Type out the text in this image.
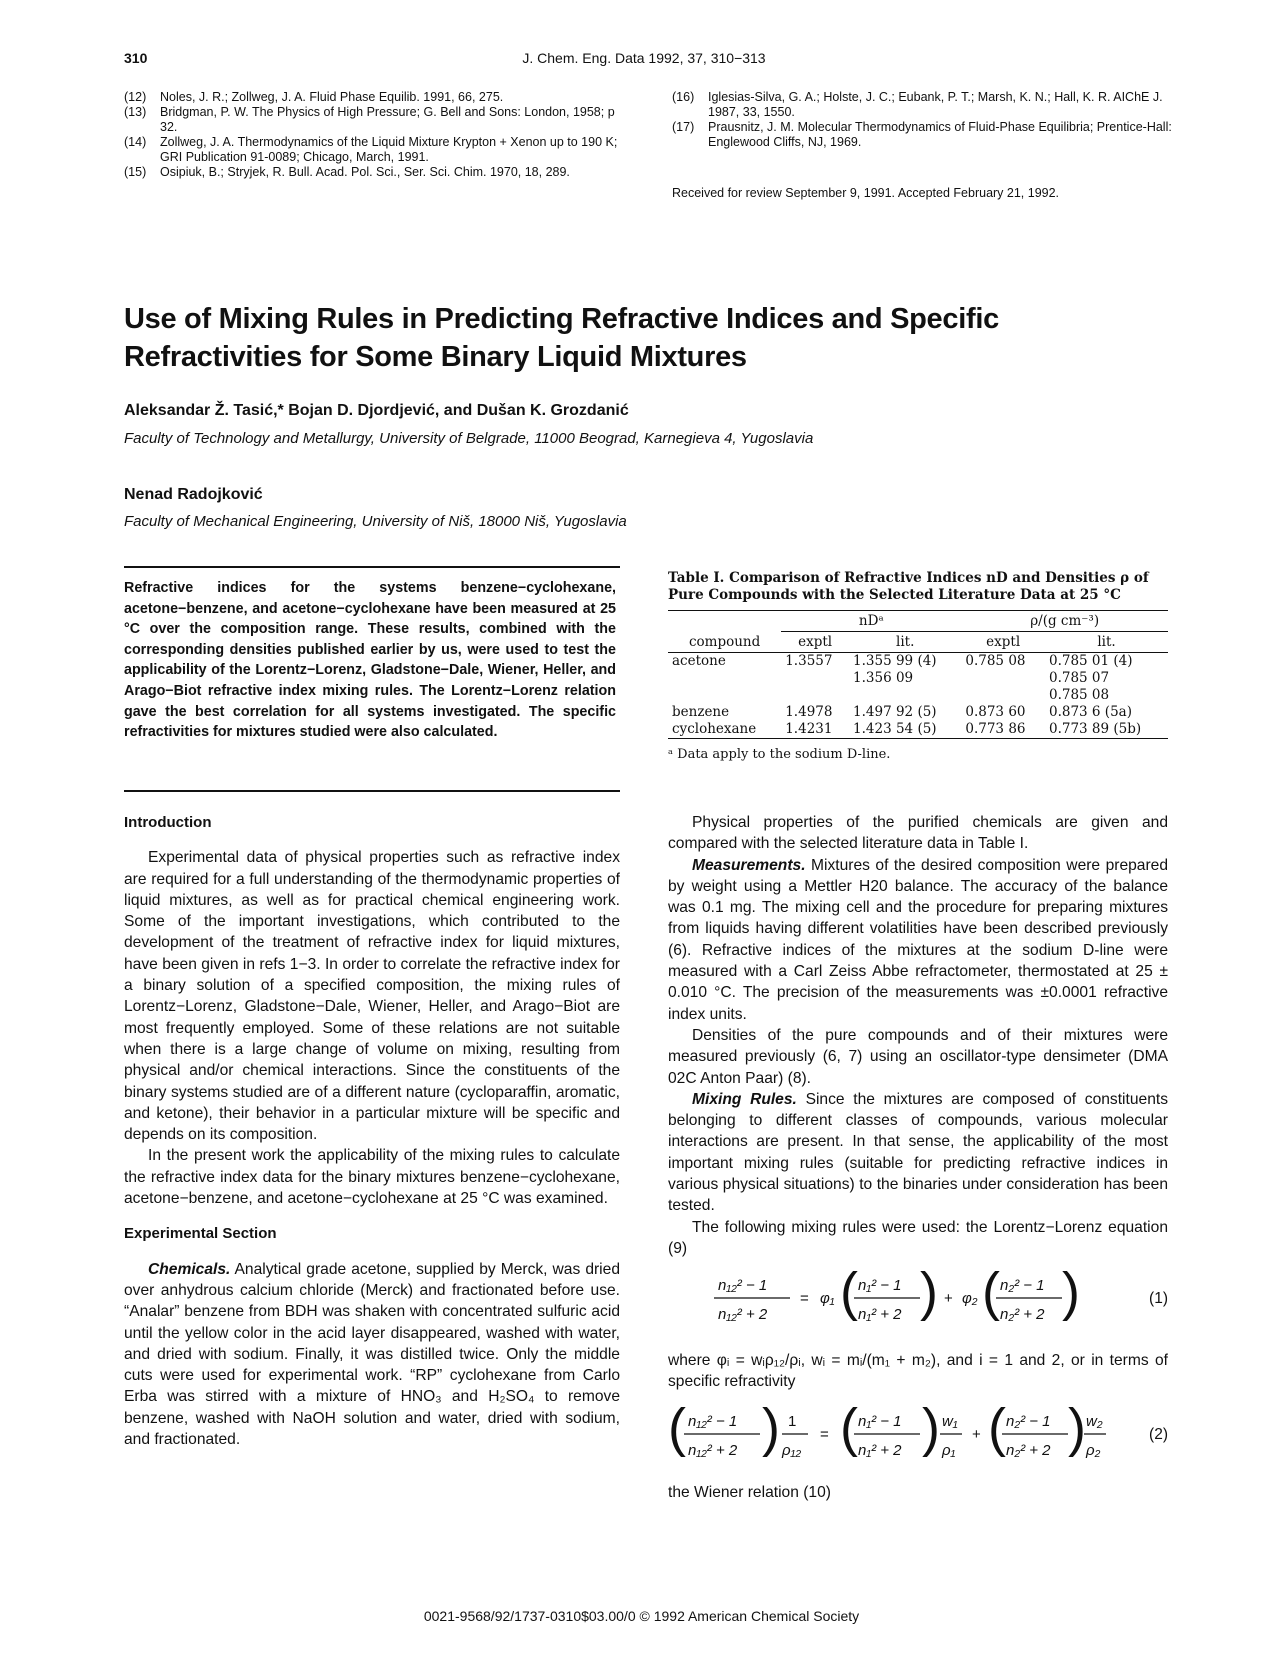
310	J. Chem. Eng. Data 1992, 37, 310−313
(12)	Noles, J. R.; Zollweg, J. A. Fluid Phase Equilib. 1991, 66, 275.
(13)	Bridgman, P. W. The Physics of High Pressure; G. Bell and Sons: London, 1958; p 32.
(14)	Zollweg, J. A. Thermodynamics of the Liquid Mixture Krypton + Xenon up to 190 K; GRI Publication 91-0089; Chicago, March, 1991.
(15)	Osipiuk, B.; Stryjek, R. Bull. Acad. Pol. Sci., Ser. Sci. Chim. 1970, 18, 289.
(16)	Iglesias-Silva, G. A.; Holste, J. C.; Eubank, P. T.; Marsh, K. N.; Hall, K. R. AIChE J. 1987, 33, 1550.
(17)	Prausnitz, J. M. Molecular Thermodynamics of Fluid-Phase Equilibria; Prentice-Hall: Englewood Cliffs, NJ, 1969.
Received for review September 9, 1991. Accepted February 21, 1992.
Use of Mixing Rules in Predicting Refractive Indices and Specific Refractivities for Some Binary Liquid Mixtures
Aleksandar Ž. Tasić,* Bojan D. Djordjević, and Dušan K. Grozdanić
Faculty of Technology and Metallurgy, University of Belgrade, 11000 Beograd, Karnegieva 4, Yugoslavia
Nenad Radojković
Faculty of Mechanical Engineering, University of Niš, 18000 Niš, Yugoslavia
Refractive indices for the systems benzene−cyclohexane, acetone−benzene, and acetone−cyclohexane have been measured at 25 °C over the composition range. These results, combined with the corresponding densities published earlier by us, were used to test the applicability of the Lorentz−Lorenz, Gladstone−Dale, Wiener, Heller, and Arago−Biot refractive index mixing rules. The Lorentz−Lorenz relation gave the best correlation for all systems investigated. The specific refractivities for mixtures studied were also calculated.
Introduction

Experimental data of physical properties such as refractive index are required for a full understanding of the thermodynamic properties of liquid mixtures, as well as for practical chemical engineering work. Some of the important investigations, which contributed to the development of the treatment of refractive index for liquid mixtures, have been given in refs 1−3. In order to correlate the refractive index for a binary solution of a specified composition, the mixing rules of Lorentz−Lorenz, Gladstone−Dale, Wiener, Heller, and Arago−Biot are most frequently employed. Some of these relations are not suitable when there is a large change of volume on mixing, resulting from physical and/or chemical interactions. Since the constituents of the binary systems studied are of a different nature (cycloparaffin, aromatic, and ketone), their behavior in a particular mixture will be specific and depends on its composition.

In the present work the applicability of the mixing rules to calculate the refractive index data for the binary mixtures benzene−cyclohexane, acetone−benzene, and acetone−cyclohexane at 25 °C was examined.

Experimental Section

Chemicals. Analytical grade acetone, supplied by Merck, was dried over anhydrous calcium chloride (Merck) and fractionated before use. “Analar” benzene from BDH was shaken with concentrated sulfuric acid until the yellow color in the acid layer disappeared, washed with water, and dried with sodium. Finally, it was distilled twice. Only the middle cuts were used for experimental work. “RP” cyclohexane from Carlo Erba was stirred with a mixture of HNO₃ and H₂SO₄ to remove benzene, washed with NaOH solution and water, dried with sodium, and fractionated.

Table I. Comparison of Refractive Indices nD and Densities ρ of Pure Compounds with the Selected Literature Data at 25 °C
	nDᵃ		ρ/(g cm⁻³)	
compound	exptl	lit.	exptl	lit.
acetone	1.3557	1.355 99 (4)	0.785 08	0.785 01 (4)
		1.356 09		0.785 07
				0.785 08
benzene	1.4978	1.497 92 (5)	0.873 60	0.873 6 (5a)
cyclohexane	1.4231	1.423 54 (5)	0.773 86	0.773 89 (5b)
ᵃ Data apply to the sodium D-line.

Physical properties of the purified chemicals are given and compared with the selected literature data in Table I.

Measurements. Mixtures of the desired composition were prepared by weight using a Mettler H20 balance. The accuracy of the balance was 0.1 mg. The mixing cell and the procedure for preparing mixtures from liquids having different volatilities have been described previously (6). Refractive indices of the mixtures at the sodium D-line were measured with a Carl Zeiss Abbe refractometer, thermostated at 25 ± 0.010 °C. The precision of the measurements was ±0.0001 refractive index units.

Densities of the pure compounds and of their mixtures were measured previously (6, 7) using an oscillator-type densimeter (DMA 02C Anton Paar) (8).

Mixing Rules. Since the mixtures are composed of constituents belonging to different classes of compounds, various molecular interactions are present. In that sense, the applicability of the most important mixing rules (suitable for predicting refractive indices in various physical situations) to the binaries under consideration has been tested.

The following mixing rules were used: the Lorentz−Lorenz equation (9)

n₁₂² − 1
n₁₂² + 2
= φ₁ ( n₁² − 1
n₁² + 2 ) + φ₂ ( n₂² − 1
n₂² + 2 )	(1)

where φᵢ = wᵢρ₁₂/ρᵢ, wᵢ = mᵢ/(m₁ + m₂), and i = 1 and 2, or in terms of specific refractivity

( n₁₂² − 1
n₁₂² + 2 ) 1
ρ₁₂
= ( n₁² − 1
n₁² + 2 ) w₁
ρ₁
+ ( n₂² − 1
n₂² + 2 ) w₂
ρ₂
(2)

the Wiener relation (10)

0021-9568/92/1737-0310$03.00/0 © 1992 American Chemical Society
